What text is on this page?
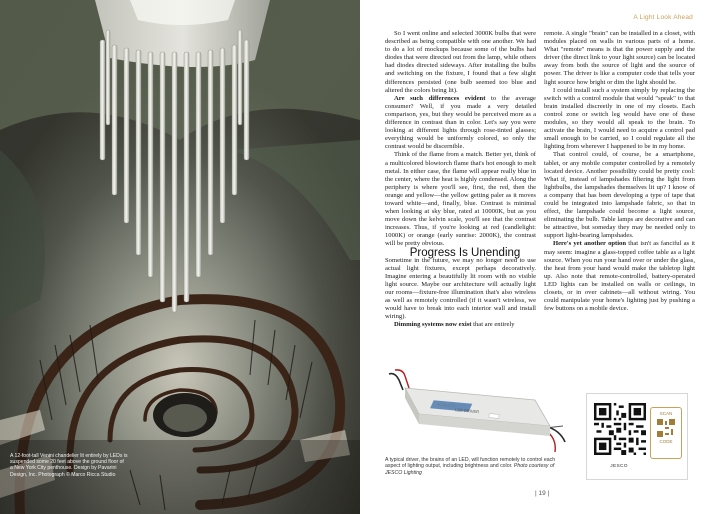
A 12-foot-tall Venini chandelier lit entirely by LEDs is suspended some 20 feet above the ground floor of a New York City penthouse. Design by Pavarini Design, Inc. Photograph © Marco Ricca Studio
A Light Look Ahead

So I went online and selected 3000K bulbs that were described as being compatible with one another. We had to do a lot of mockups because some of the bulbs had diodes that were directed out from the lamp, while others had diodes directed sideways. After installing the bulbs and switching on the fixture, I found that a few slight differences persisted (one bulb seemed too blue and altered the colors being lit).

Are such differences evident to the average consumer? Well, if you made a very detailed comparison, yes, but they would be perceived more as a difference in contrast than in color. Let's say you were looking at different lights through rose-tinted glasses; everything would be uniformly colored, so only the contrast would be discernible.

Think of the flame from a match. Better yet, think of a multicolored blowtorch flame that's hot enough to melt metal. In either case, the flame will appear really blue in the center, where the heat is highly condensed. Along the periphery is where you'll see, first, the red, then the orange and yellow—the yellow getting paler as it moves toward white—and, finally, blue. Contrast is minimal when looking at sky blue, rated at 10000K, but as you move down the kelvin scale, you'll see that the contrast increases. Thus, if you're looking at red (candlelight: 1000K) or orange (early sunrise: 2000K), the contrast will be pretty obvious.

Progress Is Unending

Sometime in the future, we may no longer need to use actual light fixtures, except perhaps decoratively. Imagine entering a beautifully lit room with no visible light source. Maybe our architecture will actually light our rooms—fixture-free illumination that's also wireless as well as remotely controlled (if it wasn't wireless, we would have to break into each interior wall and install wiring).

Dimming systems now exist that are entirely

remote. A single "brain" can be installed in a closet, with modules placed on walls in various parts of a home. What "remote" means is that the power supply and the driver (the direct link to your light source) can be located away from both the source of light and the source of power. The driver is like a computer code that tells your light source how bright or dim the light should be.

I could install such a system simply by replacing the switch with a control module that would "speak" to that brain installed discreetly in one of my closets. Each control zone or switch leg would have one of these modules, so they would all speak to the brain. To activate the brain, I would need to acquire a control pad small enough to be carried, so I could regulate all the lighting from wherever I happened to be in my home.

That control could, of course, be a smartphone, tablet, or any mobile computer controlled by a remotely located device. Another possibility could be pretty cool: What if, instead of lampshades filtering the light from lightbulbs, the lampshades themselves lit up? I know of a company that has been developing a type of tape that could be integrated into lampshade fabric, so that in effect, the lampshade could become a light source, eliminating the bulb. Table lamps are decorative and can be attractive, but someday they may be needed only to support light-bearing lampshades.

Here's yet another option that isn't as fanciful as it may seem: imagine a glass-topped coffee table as a light source. When you run your hand over or under the glass, the heat from your hand would make the tabletop light up. Also note that remote-controlled, battery-operated LED lights can be installed on walls or ceilings, in closets, or in over cabinets—all without wiring. You could manipulate your home's lighting just by pushing a few buttons on a mobile device.

LED DRIVER
AC 100-277V
A typical driver, the brains of an LED, will function remotely to control each aspect of lighting output, including brightness and color. Photo courtesy of JESCO Lighting
SCAN
CODE
JESCO
| 19 |
